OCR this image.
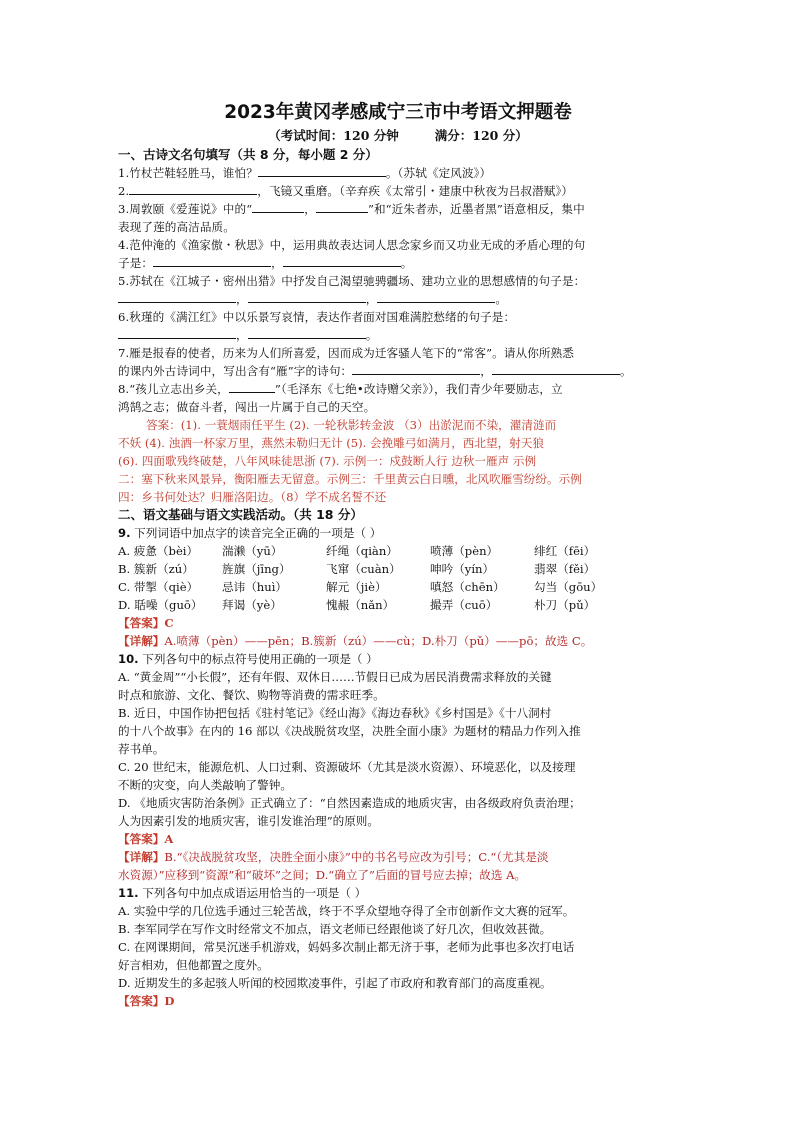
2023年黄冈孝感咸宁三市中考语文押题卷

（考试时间：120 分钟	满分：120 分）

一、古诗文名句填写（共 8 分，每小题 2 分）

1.竹杖芒鞋轻胜马，谁怕？	。（苏轼《定风波》）

2.	，飞镜又重磨。（辛弃疾《太常引・建康中秋夜为吕叔潜赋》）

3.周敦颐《爱莲说》中的“	，	”和“近朱者赤，近墨者黑”语意相反，集中

表现了莲的高洁品质。

4.范仲淹的《渔家傲・秋思》中，运用典故表达词人思念家乡而又功业无成的矛盾心理的句

子是：	，	。

5.苏轼在《江城子・密州出猎》中抒发自己渴望驰骋疆场、建功立业的思想感情的句子是：

，	，	。

6.秋瑾的《满江红》中以乐景写哀情，表达作者面对国难满腔愁绪的句子是：

，	。

7.雁是报春的使者，历来为人们所喜爱，因而成为迁客骚人笔下的“常客”。请从你所熟悉

的课内外古诗词中，写出含有“雁”字的诗句：	，	。

8.“孩儿立志出乡关，	”（毛泽东《七绝•改诗赠父亲》），我们青少年要励志，立

鸿鹄之志；做奋斗者，闯出一片属于自己的天空。

答案：(1). 一蓑烟雨任平生 (2). 一轮秋影转金波 （3）出淤泥而不染，濯清涟而

不妖 (4). 浊酒一杯家万里，燕然未勒归无计 (5). 会挽雕弓如满月，西北望，射天狼

(6). 四面歌残终破楚，八年风味徒思浙 (7). 示例一：戍鼓断人行 边秋一雁声 示例

二：塞下秋来风景异，衡阳雁去无留意。示例三：千里黄云白日曛，北风吹雁雪纷纷。示例

四：乡书何处达？归雁洛阳边。（8）学不成名誓不还

二、语文基础与语文实践活动。（共 18 分）

9. 下列词语中加点字的读音完全正确的一项是（ ）

A. 疲惫（bèi）	湍濑（yū）	纤绳（qiàn）	喷薄（pèn）	绯红（fēi）
B. 簇新（zú）	旌旗（jīng）	飞窜（cuàn）	呻吟（yín）	翡翠（fěi）
C. 带掣（qiè）	忌讳（huì）	解元（jiè）	嗔怒（chēn）	勾当（gōu）
D. 聒噪（guō）	拜谒（yè）	愧赧（nǎn）	撮弄（cuō）	朴刀（pǔ）

【答案】C

【详解】A.喷薄（pèn）——pēn；B.簇新（zú）——cù；D.朴刀（pǔ）——pō；故选 C。

10. 下列各句中的标点符号使用正确的一项是（ ）

A. “黄金周”“小长假”，还有年假、双休日……节假日已成为居民消费需求释放的关键

时点和旅游、文化、餐饮、购物等消费的需求旺季。

B. 近日，中国作协把包括《驻村笔记》《经山海》《海边春秋》《乡村国是》《十八洞村

的十八个故事》在内的 16 部以《决战脱贫攻坚，决胜全面小康》为题材的精品力作列入推

荐书单。

C. 20 世纪末，能源危机、人口过剩、资源破坏（尤其是淡水资源）、环境恶化，以及接理

不断的灾变，向人类敲响了警钟。

D. 《地质灾害防治条例》正式确立了：“自然因素造成的地质灾害，由各级政府负责治理；

人为因素引发的地质灾害，谁引发谁治理”的原则。

【答案】A

【详解】B.“《决战脱贫攻坚，决胜全面小康》”中的书名号应改为引号；C.“（尤其是淡

水资源）”应移到“资源”和“破坏”之间；D.“确立了”后面的冒号应去掉；故选 A。

11. 下列各句中加点成语运用恰当的一项是（ ）

A. 实验中学的几位选手通过三轮苦战，终于不孚众望地夺得了全市创新作文大赛的冠军。

B. 李军同学在写作文时经常文不加点，语文老师已经跟他谈了好几次，但收效甚微。

C. 在网课期间，常昊沉迷手机游戏，妈妈多次制止都无济于事，老师为此事也多次打电话

好言相劝，但他都置之度外。

D. 近期发生的多起骇人听闻的校园欺凌事件，引起了市政府和教育部门的高度重视。

【答案】D
